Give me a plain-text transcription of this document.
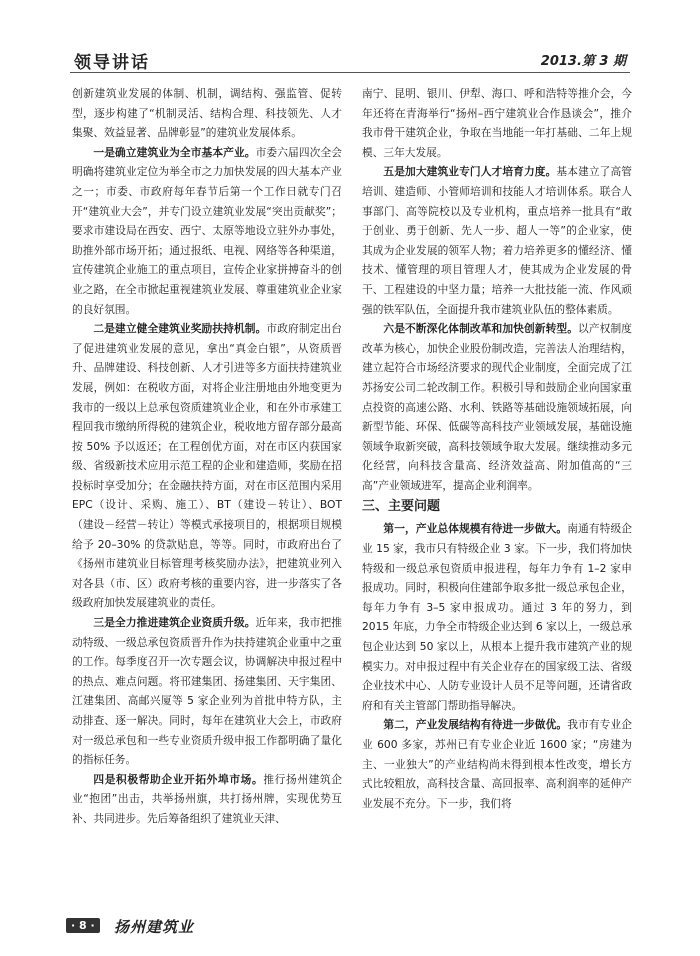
领导讲话	2013.第 3 期

创新建筑业发展的体制、机制，调结构、强监管、促转型，逐步构建了“机制灵活、结构合理、科技领先、人才集聚、效益显著、品牌彰显”的建筑业发展体系。

一是确立建筑业为全市基本产业。市委六届四次全会明确将建筑业定位为举全市之力加快发展的四大基本产业之一；市委、市政府每年春节后第一个工作日就专门召开“建筑业大会”，并专门设立建筑业发展“突出贡献奖”；要求市建设局在西安、西宁、太原等地设立驻外办事处，助推外部市场开拓；通过报纸、电视、网络等各种渠道，宣传建筑企业施工的重点项目，宣传企业家拼搏奋斗的创业之路，在全市掀起重视建筑业发展、尊重建筑业企业家的良好氛围。

二是建立健全建筑业奖励扶持机制。市政府制定出台了促进建筑业发展的意见，拿出“真金白银”，从资质晋升、品牌建设、科技创新、人才引进等多方面扶持建筑业发展，例如：在税收方面，对将企业注册地由外地变更为我市的一级以上总承包资质建筑业企业，和在外市承建工程回我市缴纳所得税的建筑企业，税收地方留存部分最高按 50% 予以返还；在工程创优方面，对在市区内获国家级、省级新技术应用示范工程的企业和建造师，奖励在招投标时享受加分；在金融扶持方面，对在市区范围内采用 EPC（设计、采购、施工）、BT（建设－转让）、BOT（建设－经营－转让）等模式承接项目的，根据项目规模给予 20–30% 的贷款贴息，等等。同时，市政府出台了《扬州市建筑业目标管理考核奖励办法》，把建筑业列入对各县（市、区）政府考核的重要内容，进一步落实了各级政府加快发展建筑业的责任。

三是全力推进建筑企业资质升级。近年来，我市把推动特级、一级总承包资质晋升作为扶持建筑企业重中之重的工作。每季度召开一次专题会议，协调解决申报过程中的热点、难点问题。将邗建集团、扬建集团、天宇集团、江建集团、高邮兴厦等 5 家企业列为首批申特方队，主动排查、逐一解决。同时，每年在建筑业大会上，市政府对一级总承包和一些专业资质升级申报工作都明确了量化的指标任务。

四是积极帮助企业开拓外埠市场。推行扬州建筑企业“抱团”出击，共举扬州旗，共打扬州牌，实现优势互补、共同进步。先后筹备组织了建筑业天津、

南宁、昆明、银川、伊犁、海口、呼和浩特等推介会，今年还将在青海举行“扬州–西宁建筑业合作恳谈会”，推介我市骨干建筑企业，争取在当地能一年打基础、二年上规模、三年大发展。

五是加大建筑业专门人才培育力度。基本建立了高管培训、建造师、小管师培训和技能人才培训体系。联合人事部门、高等院校以及专业机构，重点培养一批具有“敢于创业、勇于创新、先人一步、超人一等”的企业家，使其成为企业发展的领军人物；着力培养更多的懂经济、懂技术、懂管理的项目管理人才，使其成为企业发展的骨干、工程建设的中坚力量；培养一大批技能一流、作风顽强的铁军队伍，全面提升我市建筑业队伍的整体素质。

六是不断深化体制改革和加快创新转型。以产权制度改革为核心，加快企业股份制改造，完善法人治理结构，建立起符合市场经济要求的现代企业制度，全面完成了江苏扬安公司二轮改制工作。积极引导和鼓励企业向国家重点投资的高速公路、水利、铁路等基础设施领域拓展，向新型节能、环保、低碳等高科技产业领域发展，基础设施领域争取新突破，高科技领域争取大发展。继续推动多元化经营，向科技含量高、经济效益高、附加值高的“三高”产业领域进军，提高企业利润率。

三、主要问题

第一，产业总体规模有待进一步做大。南通有特级企业 15 家，我市只有特级企业 3 家。下一步，我们将加快特级和一级总承包资质申报进程，每年力争有 1–2 家申报成功。同时，积极向住建部争取多批一级总承包企业，每年力争有 3–5 家申报成功。通过 3 年的努力，到 2015 年底，力争全市特级企业达到 6 家以上，一级总承包企业达到 50 家以上，从根本上提升我市建筑产业的规模实力。对申报过程中有关企业存在的国家级工法、省级企业技术中心、人防专业设计人员不足等问题，还请省政府和有关主管部门帮助指导解决。

第二，产业发展结构有待进一步做优。我市有专业企业 600 多家，苏州已有专业企业近 1600 家；“房建为主、一业独大”的产业结构尚未得到根本性改变，增长方式比较粗放，高科技含量、高回报率、高利润率的延伸产业发展不充分。下一步，我们将

· 8 ·	扬州建筑业
